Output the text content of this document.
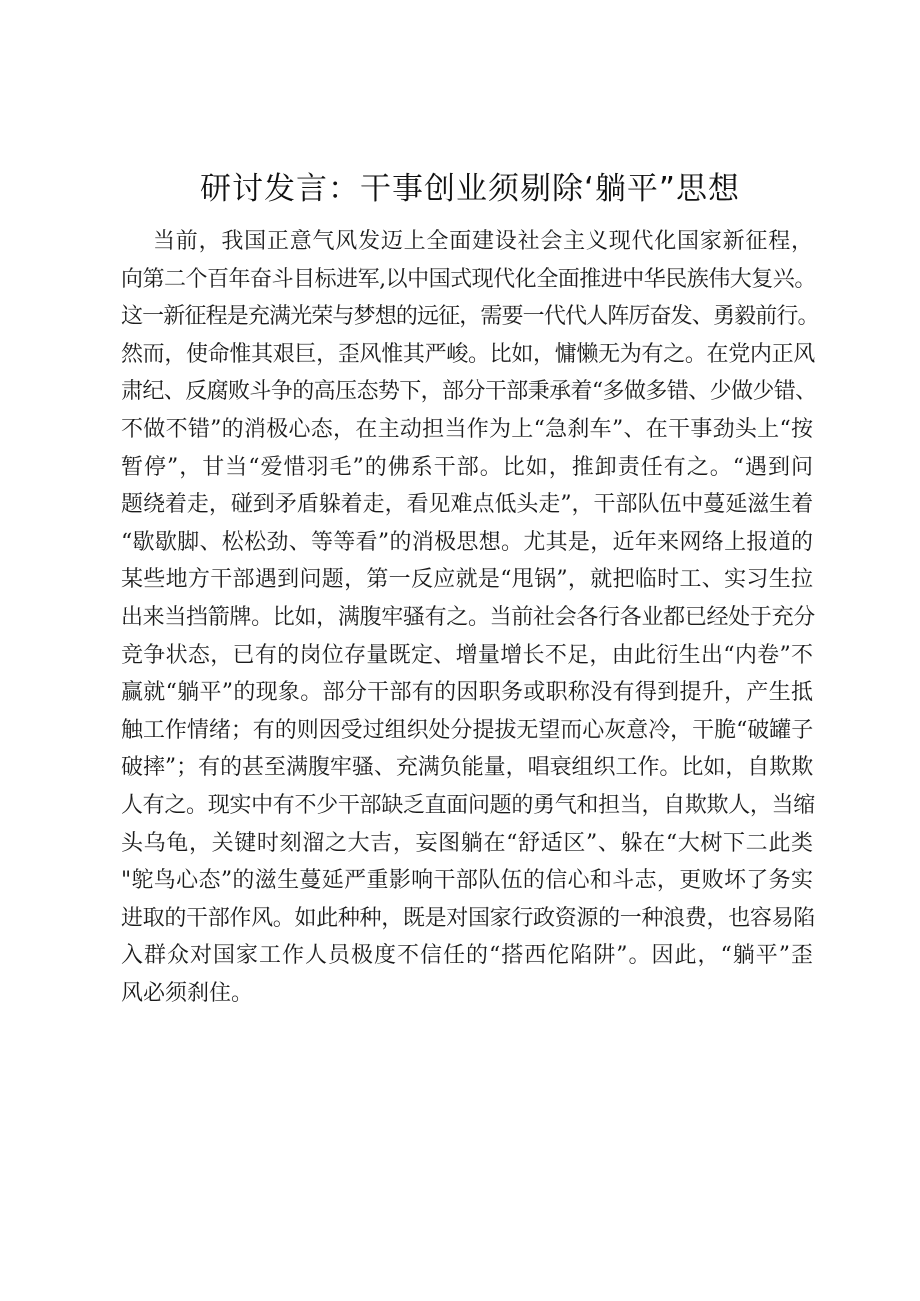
研讨发言：干事创业须剔除‘躺平”思想
当前，我国正意气风发迈上全面建设社会主义现代化国家新征程，
向第二个百年奋斗目标进军,以中国式现代化全面推进中华民族伟大复兴。
这一新征程是充满光荣与梦想的远征，需要一代代人阵厉奋发、勇毅前行。
然而，使命惟其艰巨，歪风惟其严峻。比如，慵懒无为有之。在党内正风
肃纪、反腐败斗争的高压态势下，部分干部秉承着“多做多错、少做少错、
不做不错”的消极心态，在主动担当作为上“急刹车”、在干事劲头上“按
暂停”，甘当“爱惜羽毛”的佛系干部。比如，推卸责任有之。“遇到问
题绕着走，碰到矛盾躲着走，看见难点低头走”，干部队伍中蔓延滋生着
“歇歇脚、松松劲、等等看”的消极思想。尤其是，近年来网络上报道的
某些地方干部遇到问题，第一反应就是“甩锅”，就把临时工、实习生拉
出来当挡箭牌。比如，满腹牢骚有之。当前社会各行各业都已经处于充分
竞争状态，已有的岗位存量既定、增量增长不足，由此衍生出“内卷”不
赢就“躺平”的现象。部分干部有的因职务或职称没有得到提升，产生抵
触工作情绪；有的则因受过组织处分提拔无望而心灰意冷，干脆“破罐子
破摔”；有的甚至满腹牢骚、充满负能量，唱衰组织工作。比如，自欺欺
人有之。现实中有不少干部缺乏直面问题的勇气和担当，自欺欺人，当缩
头乌龟，关键时刻溜之大吉，妄图躺在“舒适区”、躲在“大树下二此类
"鸵鸟心态”的滋生蔓延严重影响干部队伍的信心和斗志，更败坏了务实
进取的干部作风。如此种种，既是对国家行政资源的一种浪费，也容易陷
入群众对国家工作人员极度不信任的“搭西佗陷阱”。因此，“躺平”歪
风必须刹住。
